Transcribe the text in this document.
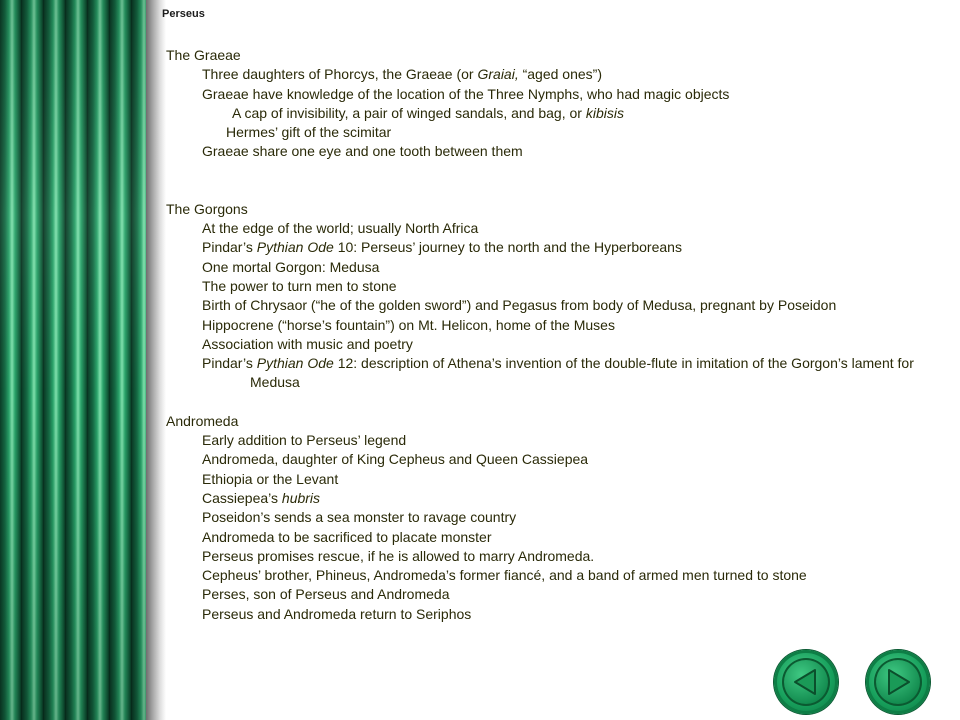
Perseus

The Graeae

Three daughters of Phorcys, the Graeae (or Graiai, “aged ones”)

Graeae have knowledge of the location of the Three Nymphs, who had magic objects

A cap of invisibility, a pair of winged sandals, and bag, or kibisis

Hermes’ gift of the scimitar

Graeae share one eye and one tooth between them

The Gorgons

At the edge of the world; usually North Africa

Pindar’s Pythian Ode 10: Perseus’ journey to the north and the Hyperboreans

One mortal Gorgon: Medusa

The power to turn men to stone

Birth of Chrysaor (“he of the golden sword”) and Pegasus from body of Medusa, pregnant by Poseidon

Hippocrene (“horse’s fountain”) on Mt. Helicon, home of the Muses

Association with music and poetry

Pindar’s Pythian Ode 12: description of Athena’s invention of the double-flute in imitation of the Gorgon’s lament for Medusa

Andromeda

Early addition to Perseus’ legend

Andromeda, daughter of King Cepheus and Queen Cassiepea

Ethiopia or the Levant

Cassiepea’s hubris

Poseidon’s sends a sea monster to ravage country

Andromeda to be sacrificed to placate monster

Perseus promises rescue, if he is allowed to marry Andromeda.

Cepheus’ brother, Phineus, Andromeda’s former fiancé, and a band of armed men turned to stone

Perses, son of Perseus and Andromeda

Perseus and Andromeda return to Seriphos
